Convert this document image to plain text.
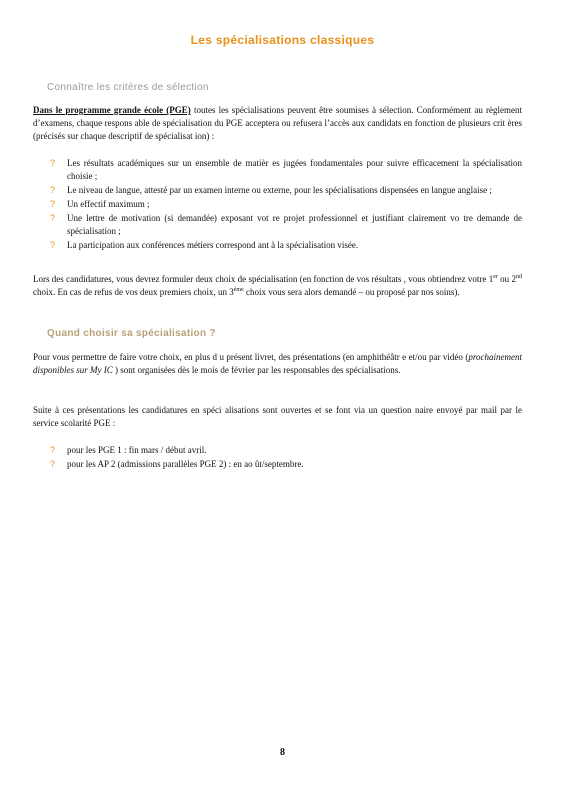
Les spécialisations classiques
Connaître les critères de sélection

Dans le programme grande école (PGE) toutes les spécialisations peuvent être soumises à sélection. Conformément au règlement d’examens, chaque respons able de spécialisation du PGE acceptera ou refusera l’accès aux candidats en fonction de plusieurs crit ères (précisés sur chaque descriptif de spécialisat ion) :

? Les résultats académiques sur un ensemble de matièr es jugées fondamentales pour suivre efficacement la spécialisation choisie ;
? Le niveau de langue, attesté par un examen interne ou externe, pour les spécialisations dispensées en langue anglaise ;
? Un effectif maximum ;
? Une lettre de motivation (si demandée) exposant vot re projet professionnel et justifiant clairement vo tre demande de spécialisation ;
? La participation aux conférences métiers correspond ant à la spécialisation visée.

Lors des candidatures, vous devrez formuler deux choix de spécialisation (en fonction de vos résultats , vous obtiendrez votre 1er ou 2nd choix. En cas de refus de vos deux premiers choix, un 3ème choix vous sera alors demandé – ou proposé par nos soins).

Quand choisir sa spécialisation ?

Pour vous permettre de faire votre choix, en plus d u présent livret, des présentations (en amphithéâtr e et/ou par vidéo (prochainement disponibles sur My IC ) sont organisées dès le mois de février par les responsables des spécialisations.

Suite à ces présentations les candidatures en spéci alisations sont ouvertes et se font via un question naire envoyé par mail par le service scolarité PGE :

? pour les PGE 1 : fin mars / début avril.
? pour les AP 2 (admissions parallèles PGE 2) : en ao ût/septembre.
8
